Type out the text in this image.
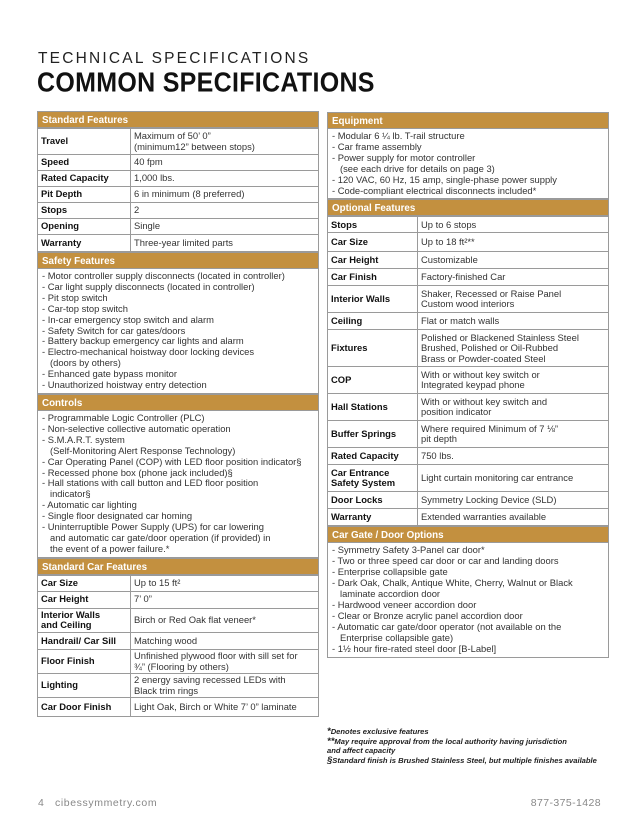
TECHNICAL SPECIFICATIONS
COMMON SPECIFICATIONS
Standard Features
Travel	Maximum of 50’ 0”
(minimum12” between stops)

Speed	40 fpm

Rated Capacity	1,000 lbs.

Pit Depth	6 in minimum (8 preferred)

Stops	2

Opening	Single

Warranty	Three-year limited parts
Safety Features
- Motor controller supply disconnects (located in controller)
- Car light supply disconnects (located in controller)
- Pit stop switch
- Car-top stop switch
- In-car emergency stop switch and alarm
- Safety Switch for car gates/doors
- Battery backup emergency car lights and alarm
- Electro-mechanical hoistway door locking devices
(doors by others)
- Enhanced gate bypass monitor
- Unauthorized hoistway entry detection
Controls
- Programmable Logic Controller (PLC)
- Non-selective collective automatic operation
- S.M.A.R.T. system
(Self-Monitoring Alert Response Technology)
- Car Operating Panel (COP) with LED floor position indicator§
- Recessed phone box (phone jack included)§
- Hall stations with call button and LED floor position
indicator§
- Automatic car lighting
- Single floor designated car homing
- Uninterruptible Power Supply (UPS) for car lowering
and automatic car gate/door operation (if provided) in
the event of a power failure.*
Standard Car Features
Car Size	Up to 15 ft²

Car Height	7’ 0”

Interior Walls
and Ceiling	Birch or Red Oak flat veneer*

Handrail/ Car Sill	Matching wood

Floor Finish	Unfinished plywood floor with sill set for
¾” (Flooring by others)

Lighting	2 energy saving recessed LEDs with
Black trim rings

Car Door Finish	Light Oak, Birch or White 7’ 0” laminate
Equipment
- Modular 6 ¼ lb. T-rail structure
- Car frame assembly
- Power supply for motor controller
(see each drive for details on page 3)
- 120 VAC, 60 Hz, 15 amp, single-phase power supply
- Code-compliant electrical disconnects included*
Optional Features
Stops	Up to 6 stops

Car Size	Up to 18 ft²**

Car Height	Customizable

Car Finish	Factory-finished Car

Interior Walls	Shaker, Recessed or Raise Panel
Custom wood interiors

Ceiling	Flat or match walls

Fixtures	Polished or Blackened Stainless Steel
Brushed, Polished or Oil-Rubbed
Brass or Powder-coated Steel

COP	With or without key switch or
Integrated keypad phone

Hall Stations	With or without key switch and
position indicator

Buffer Springs	Where required Minimum of 7 ⅛”
pit depth

Rated Capacity	750 lbs.

Car Entrance
Safety System	Light curtain monitoring car entrance

Door Locks	Symmetry Locking Device (SLD)

Warranty	Extended warranties available
Car Gate / Door Options
- Symmetry Safety 3-Panel car door*
- Two or three speed car door or car and landing doors
- Enterprise collapsible gate
- Dark Oak, Chalk, Antique White, Cherry, Walnut or Black
laminate accordion door
- Hardwood veneer accordion door
- Clear or Bronze acrylic panel accordion door
- Automatic car gate/door operator (not available on the
Enterprise collapsible gate)
- 1½ hour fire-rated steel door [B-Label]
*Denotes exclusive features
**May require approval from the local authority having jurisdiction
and affect capacity
§Standard finish is Brushed Stainless Steel, but multiple finishes available
4 cibessymmetry.com	877-375-1428
